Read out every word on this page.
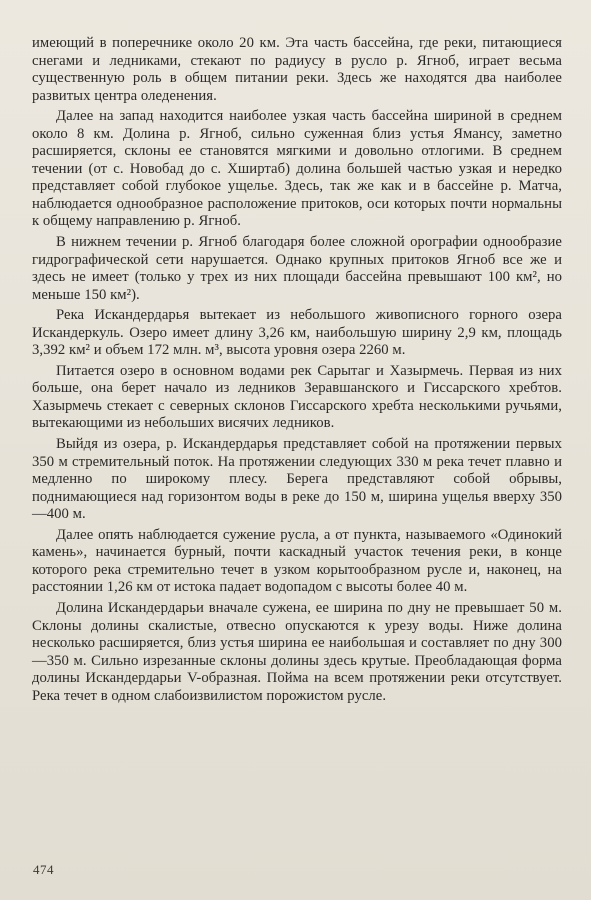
имеющий в поперечнике около 20 км. Эта часть бассейна, где реки, питающиеся снегами и ледниками, стекают по радиусу в русло р. Ягноб, играет весьма существенную роль в общем питании реки. Здесь же находятся два наиболее развитых центра оледенения.

Далее на запад находится наиболее узкая часть бассейна шириной в среднем около 8 км. Долина р. Ягноб, сильно суженная близ устья Ямансу, заметно расширяется, склоны ее становятся мягкими и довольно отлогими. В среднем течении (от с. Новобад до с. Хширтаб) долина большей частью узкая и нередко представляет собой глубокое ущелье. Здесь, так же как и в бассейне р. Матча, наблюдается однообразное расположение притоков, оси которых почти нормальны к общему направлению р. Ягноб.

В нижнем течении р. Ягноб благодаря более сложной орографии однообразие гидрографической сети нарушается. Однако крупных притоков Ягноб все же и здесь не имеет (только у трех из них площади бассейна превышают 100 км², но меньше 150 км²).

Река Искандердарья вытекает из небольшого живописного горного озера Искандеркуль. Озеро имеет длину 3,26 км, наибольшую ширину 2,9 км, площадь 3,392 км² и объем 172 млн. м³, высота уровня озера 2260 м.

Питается озеро в основном водами рек Сарытаг и Хазырмечь. Первая из них больше, она берет начало из ледников Зеравшанского и Гиссарского хребтов. Хазырмечь стекает с северных склонов Гиссарского хребта несколькими ручьями, вытекающими из небольших висячих ледников.

Выйдя из озера, р. Искандердарья представляет собой на протяжении первых 350 м стремительный поток. На протяжении следующих 330 м река течет плавно и медленно по широкому плесу. Берега представляют собой обрывы, поднимающиеся над горизонтом воды в реке до 150 м, ширина ущелья вверху 350—400 м.

Далее опять наблюдается сужение русла, а от пункта, называемого «Одинокий камень», начинается бурный, почти каскадный участок течения реки, в конце которого река стремительно течет в узком корытообразном русле и, наконец, на расстоянии 1,26 км от истока падает водопадом с высоты более 40 м.

Долина Искандердарьи вначале сужена, ее ширина по дну не превышает 50 м. Склоны долины скалистые, отвесно опускаются к урезу воды. Ниже долина несколько расширяется, близ устья ширина ее наибольшая и составляет по дну 300—350 м. Сильно изрезанные склоны долины здесь крутые. Преобладающая форма долины Искандердарьи V-образная. Пойма на всем протяжении реки отсутствует. Река течет в одном слабоизвилистом порожистом русле.

474
